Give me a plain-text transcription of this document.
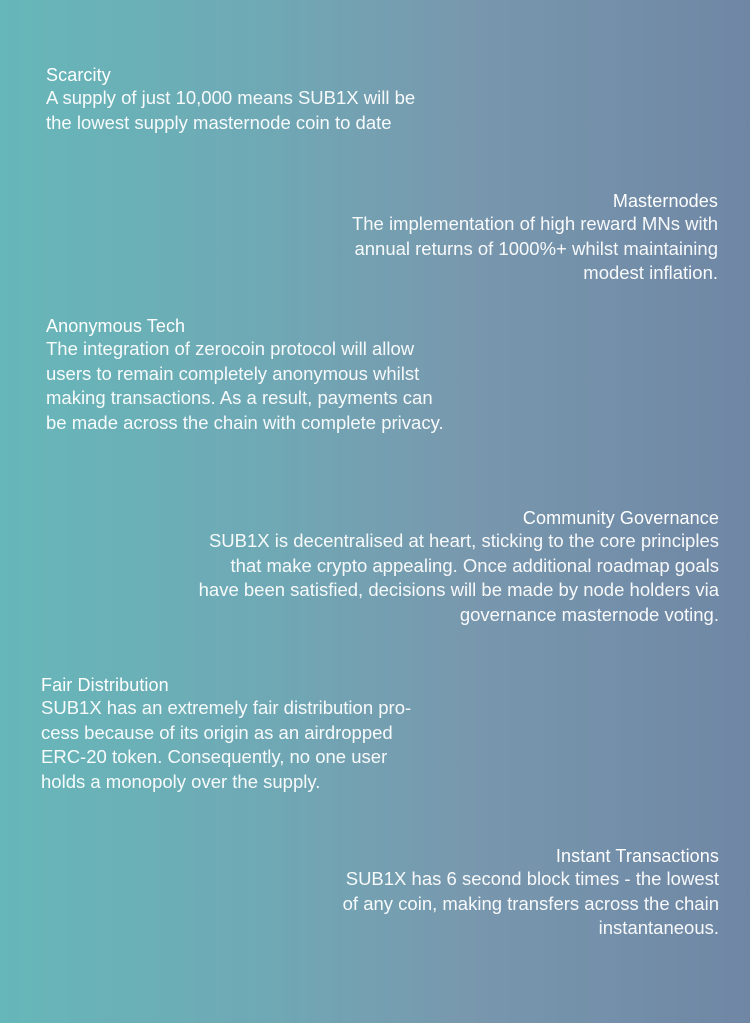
Scarcity

A supply of just 10,000 means SUB1X will be
the lowest supply masternode coin to date

Masternodes

The implementation of high reward MNs with
annual returns of 1000%+ whilst maintaining
modest inflation.

Anonymous Tech

The integration of zerocoin protocol will allow
users to remain completely anonymous whilst
making transactions. As a result, payments can
be made across the chain with complete privacy.

Community Governance

SUB1X is decentralised at heart, sticking to the core principles
that make crypto appealing. Once additional roadmap goals
have been satisfied, decisions will be made by node holders via
governance masternode voting.

Fair Distribution

SUB1X has an extremely fair distribution pro-
cess because of its origin as an airdropped
ERC-20 token. Consequently, no one user
holds a monopoly over the supply.

Instant Transactions

SUB1X has 6 second block times - the lowest
of any coin, making transfers across the chain
instantaneous.
